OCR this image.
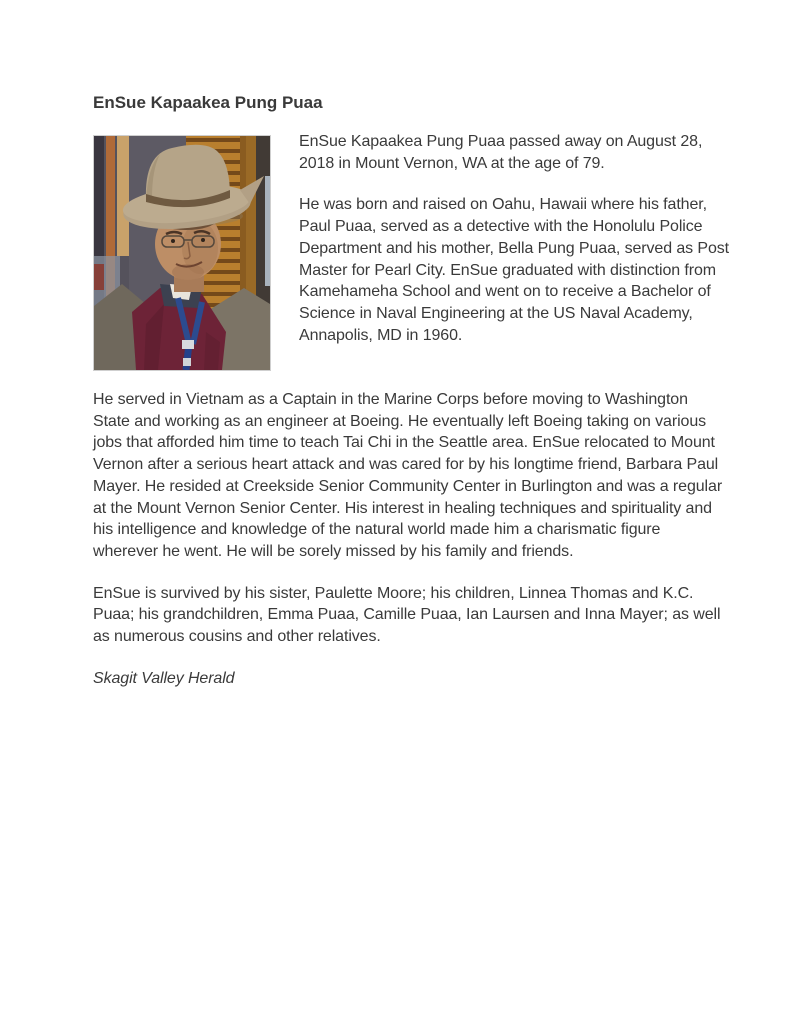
EnSue Kapaakea Pung Puaa

EnSue Kapaakea Pung Puaa passed away on August 28, 2018 in Mount Vernon, WA at the age of 79.

He was born and raised on Oahu, Hawaii where his father, Paul Puaa, served as a detective with the Honolulu Police Department and his mother, Bella Pung Puaa, served as Post Master for Pearl City. EnSue graduated with distinction from Kamehameha School and went on to receive a Bachelor of Science in Naval Engineering at the US Naval Academy, Annapolis, MD in 1960.

He served in Vietnam as a Captain in the Marine Corps before moving to Washington State and working as an engineer at Boeing. He eventually left Boeing taking on various jobs that afforded him time to teach Tai Chi in the Seattle area. EnSue relocated to Mount Vernon after a serious heart attack and was cared for by his longtime friend, Barbara Paul Mayer. He resided at Creekside Senior Community Center in Burlington and was a regular at the Mount Vernon Senior Center. His interest in healing techniques and spirituality and his intelligence and knowledge of the natural world made him a charismatic figure wherever he went. He will be sorely missed by his family and friends.

EnSue is survived by his sister, Paulette Moore; his children, Linnea Thomas and K.C. Puaa; his grandchildren, Emma Puaa, Camille Puaa, Ian Laursen and Inna Mayer; as well as numerous cousins and other relatives.

Skagit Valley Herald
